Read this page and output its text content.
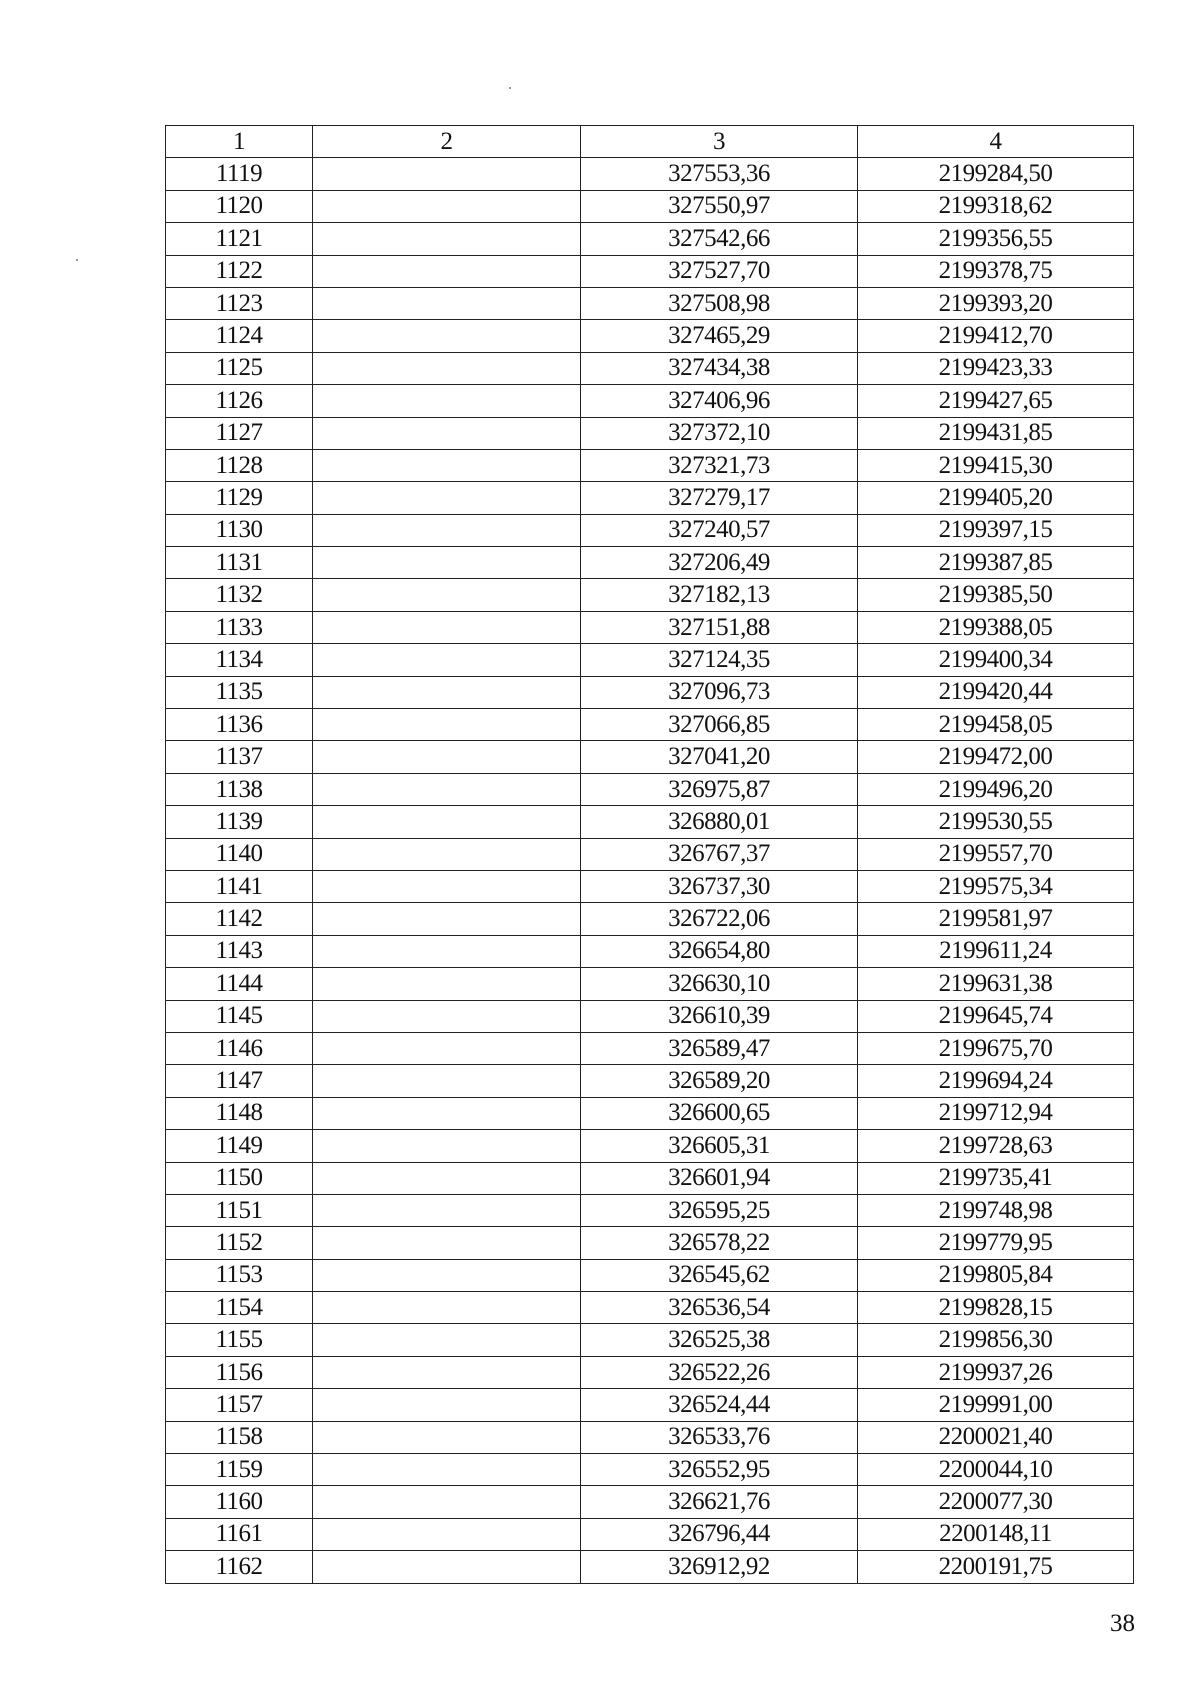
1	2	3	4
1119		327553,36	2199284,50
1120		327550,97	2199318,62
1121		327542,66	2199356,55
1122		327527,70	2199378,75
1123		327508,98	2199393,20
1124		327465,29	2199412,70
1125		327434,38	2199423,33
1126		327406,96	2199427,65
1127		327372,10	2199431,85
1128		327321,73	2199415,30
1129		327279,17	2199405,20
1130		327240,57	2199397,15
1131		327206,49	2199387,85
1132		327182,13	2199385,50
1133		327151,88	2199388,05
1134		327124,35	2199400,34
1135		327096,73	2199420,44
1136		327066,85	2199458,05
1137		327041,20	2199472,00
1138		326975,87	2199496,20
1139		326880,01	2199530,55
1140		326767,37	2199557,70
1141		326737,30	2199575,34
1142		326722,06	2199581,97
1143		326654,80	2199611,24
1144		326630,10	2199631,38
1145		326610,39	2199645,74
1146		326589,47	2199675,70
1147		326589,20	2199694,24
1148		326600,65	2199712,94
1149		326605,31	2199728,63
1150		326601,94	2199735,41
1151		326595,25	2199748,98
1152		326578,22	2199779,95
1153		326545,62	2199805,84
1154		326536,54	2199828,15
1155		326525,38	2199856,30
1156		326522,26	2199937,26
1157		326524,44	2199991,00
1158		326533,76	2200021,40
1159		326552,95	2200044,10
1160		326621,76	2200077,30
1161		326796,44	2200148,11
1162		326912,92	2200191,75
38
